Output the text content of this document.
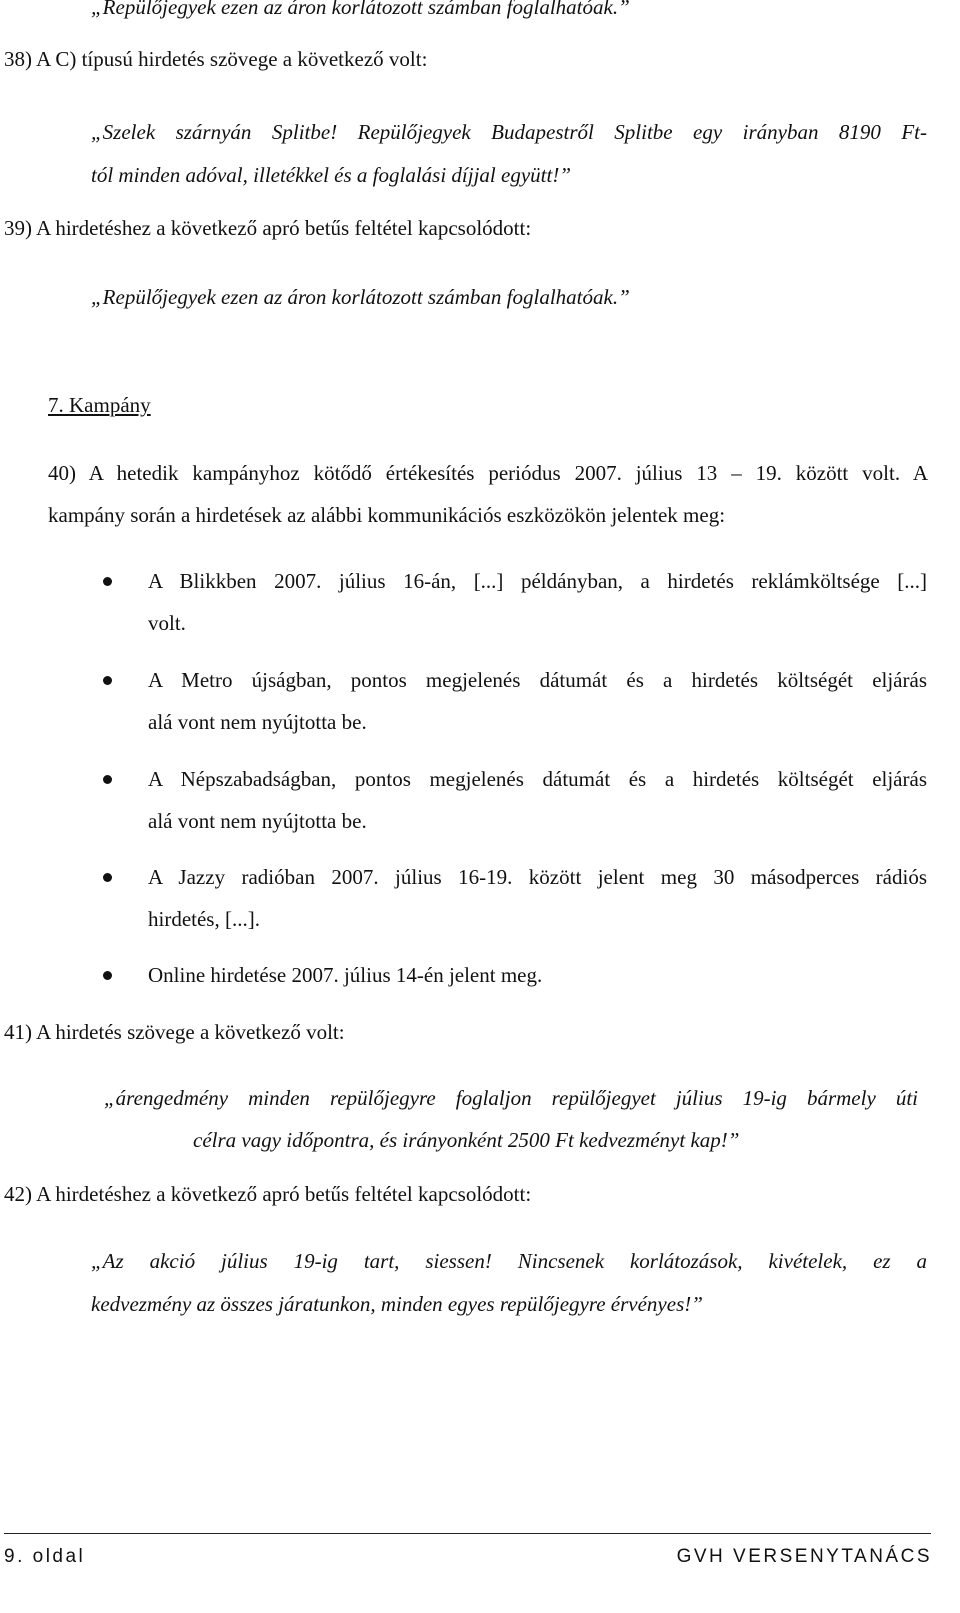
„Repülőjegyek ezen az áron korlátozott számban foglalhatóak.”
38) A C) típusú hirdetés szövege a következő volt:
„Szelek szárnyán Splitbe! Repülőjegyek Budapestről Splitbe egy irányban 8190 Ft-
tól minden adóval, illetékkel és a foglalási díjjal együtt!”
39) A hirdetéshez a következő apró betűs feltétel kapcsolódott:
„Repülőjegyek ezen az áron korlátozott számban foglalhatóak.”
7. Kampány
40) A hetedik kampányhoz kötődő értékesítés periódus 2007. július 13 – 19. között volt. A
kampány során a hirdetések az alábbi kommunikációs eszközökön jelentek meg:
A Blikkben 2007. július 16-án, [...] példányban, a hirdetés reklámköltsége [...]
volt.
A Metro újságban, pontos megjelenés dátumát és a hirdetés költségét eljárás
alá vont nem nyújtotta be.
A Népszabadságban, pontos megjelenés dátumát és a hirdetés költségét eljárás
alá vont nem nyújtotta be.
A Jazzy radióban 2007. július 16-19. között jelent meg 30 másodperces rádiós
hirdetés, [...].
Online hirdetése 2007. július 14-én jelent meg.
41) A hirdetés szövege a következő volt:
„árengedmény minden repülőjegyre foglaljon repülőjegyet július 19-ig bármely úti
célra vagy időpontra, és irányonként 2500 Ft kedvezményt kap!”
42) A hirdetéshez a következő apró betűs feltétel kapcsolódott:
„Az akció július 19-ig tart, siessen! Nincsenek korlátozások, kivételek, ez a
kedvezmény az összes járatunkon, minden egyes repülőjegyre érvényes!”
9. oldal	GVH VERSENYTANÁCS
